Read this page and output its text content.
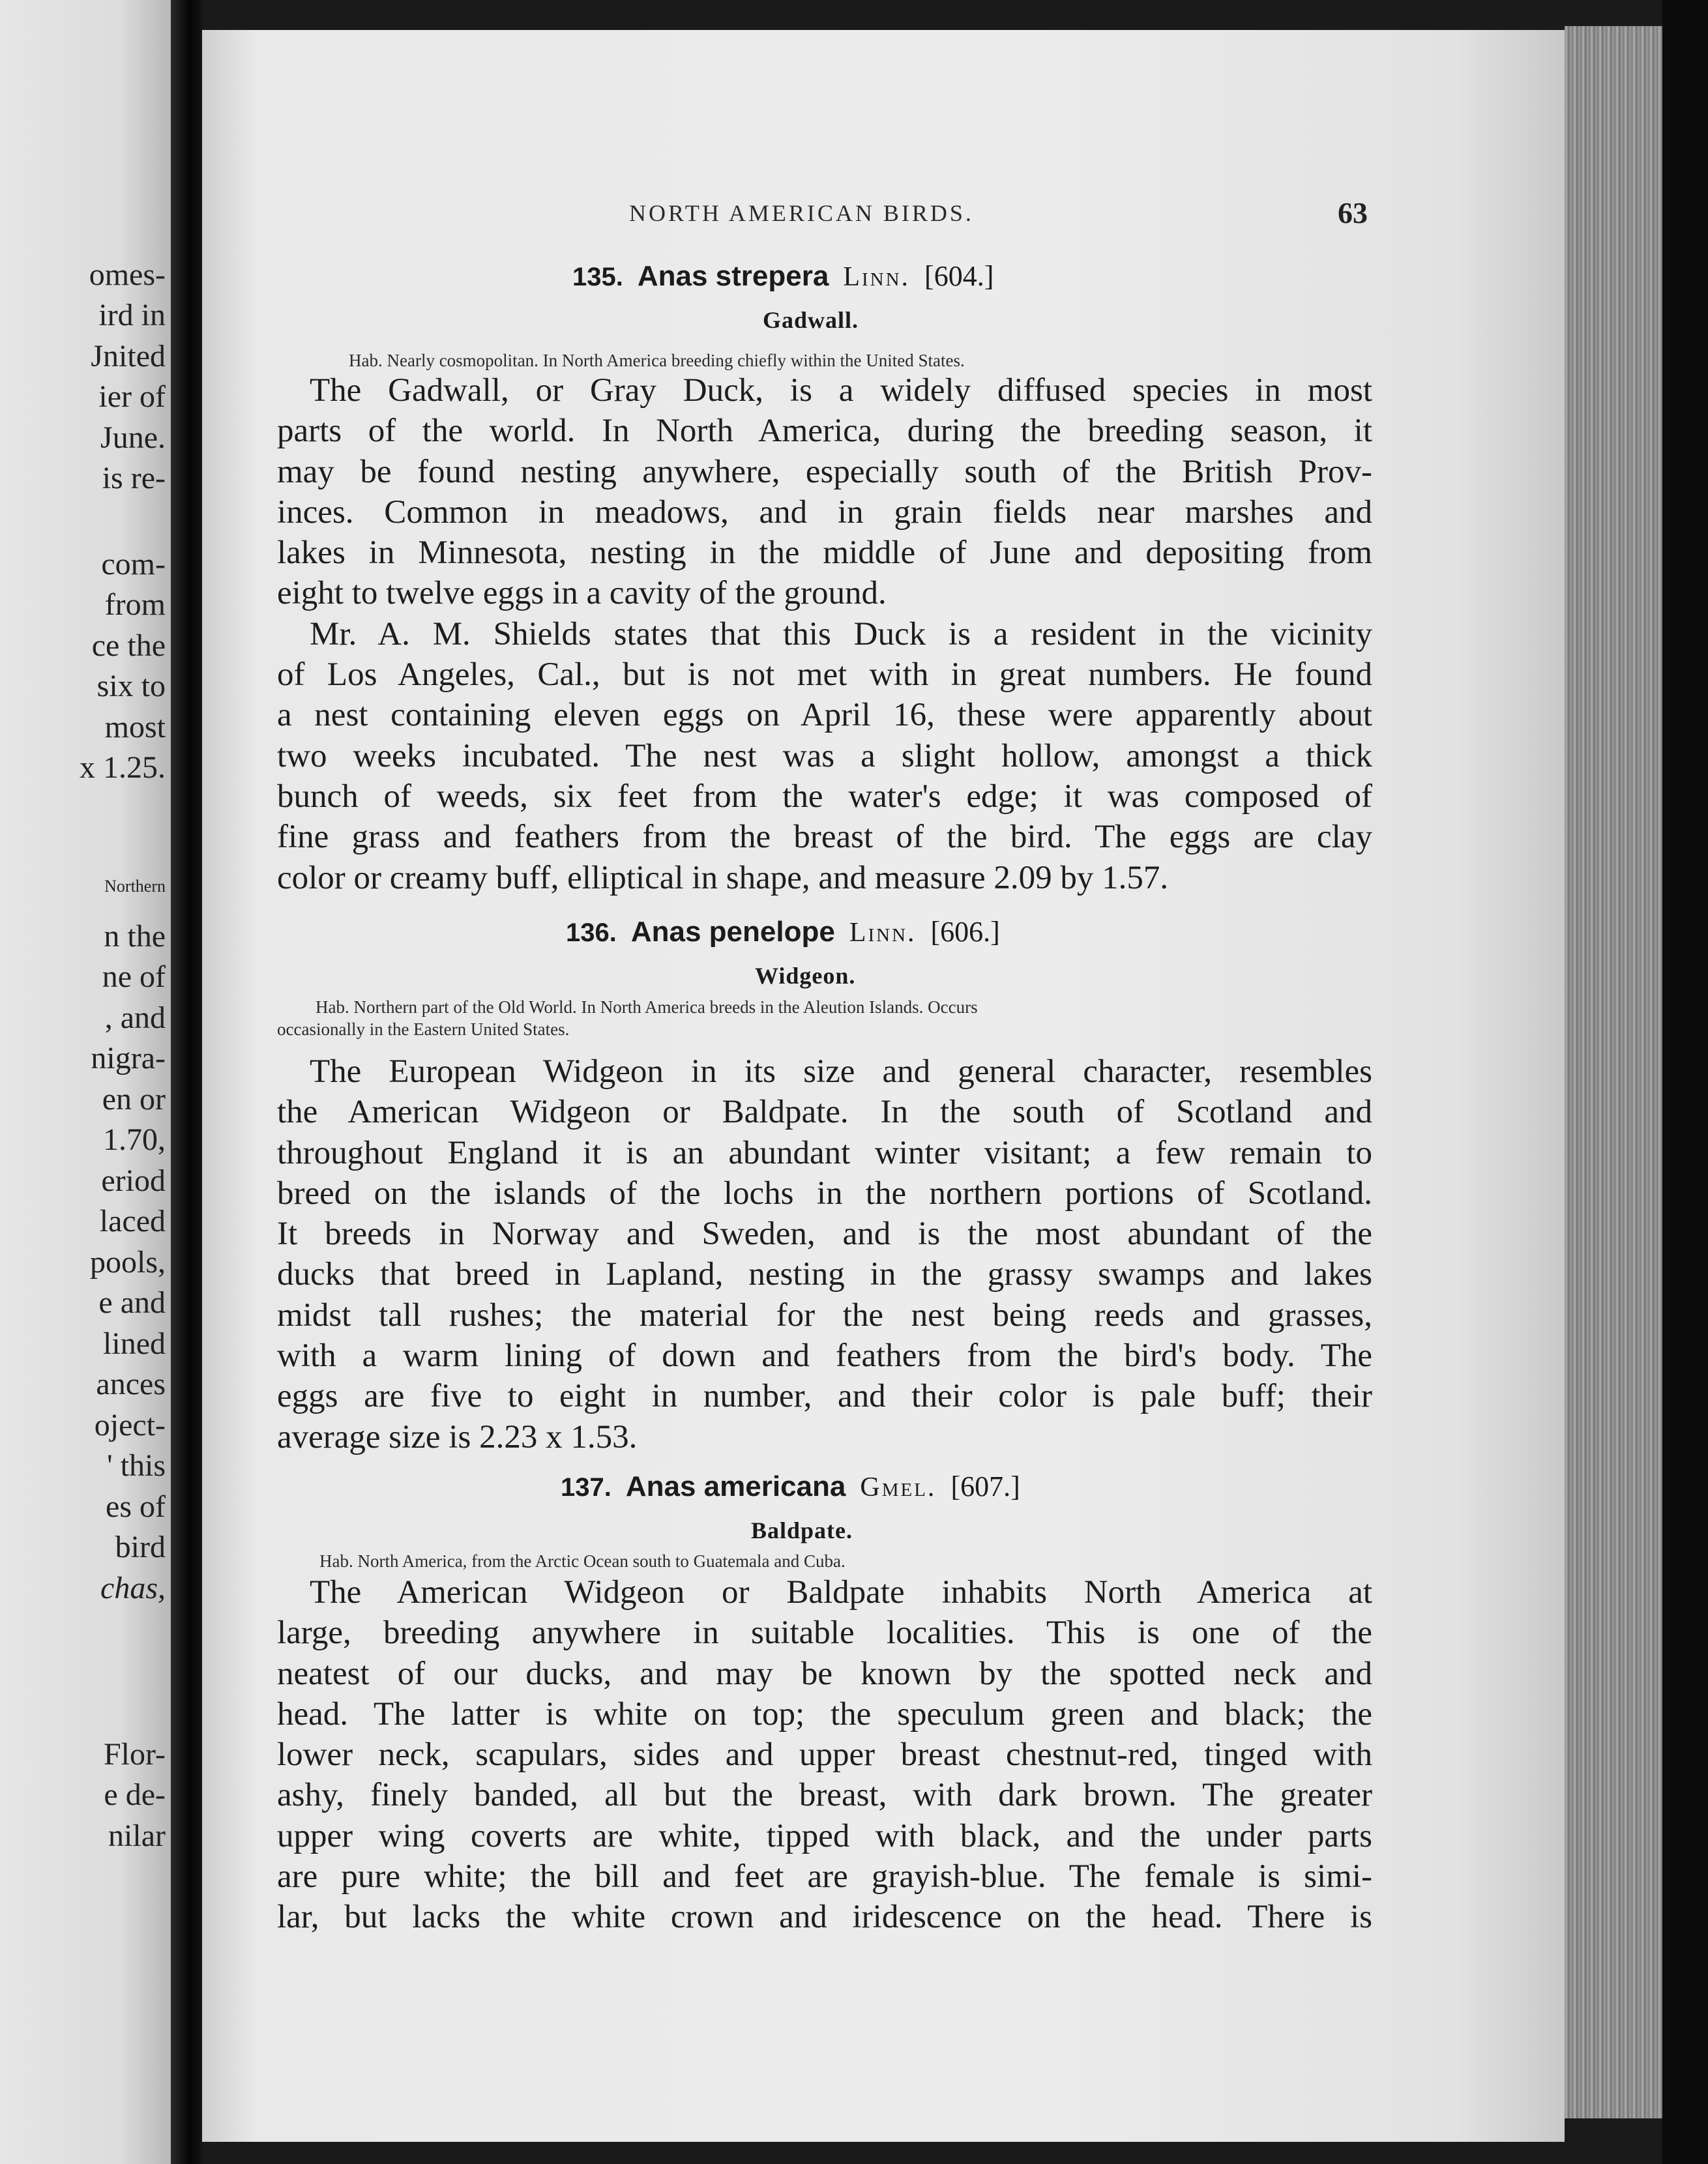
omes-
ird in
Jnited
ier of
June.
is re-
com-
from
ce the
six to
most
x 1.25.
Northern
n the
ne of
, and
nigra-
en or
1.70,
eriod
laced
pools,
e and
lined
ances
oject-
' this
es of
bird
chas,
Flor-
e de-
nilar
NORTH AMERICAN BIRDS.	63
135. Anas strepera Linn. [604.]
Gadwall.
Hab. Nearly cosmopolitan. In North America breeding chiefly within the United States.
The Gadwall, or Gray Duck, is a widely diffused species in most
parts of the world. In North America, during the breeding season, it
may be found nesting anywhere, especially south of the British Prov-
inces. Common in meadows, and in grain fields near marshes and
lakes in Minnesota, nesting in the middle of June and depositing from
eight to twelve eggs in a cavity of the ground.
Mr. A. M. Shields states that this Duck is a resident in the vicinity
of Los Angeles, Cal., but is not met with in great numbers. He found
a nest containing eleven eggs on April 16, these were apparently about
two weeks incubated. The nest was a slight hollow, amongst a thick
bunch of weeds, six feet from the water's edge; it was composed of
fine grass and feathers from the breast of the bird. The eggs are clay
color or creamy buff, elliptical in shape, and measure 2.09 by 1.57.
136. Anas penelope Linn. [606.]
Widgeon.
Hab. Northern part of the Old World. In North America breeds in the Aleution Islands. Occurs
occasionally in the Eastern United States.
The European Widgeon in its size and general character, resembles
the American Widgeon or Baldpate. In the south of Scotland and
throughout England it is an abundant winter visitant; a few remain to
breed on the islands of the lochs in the northern portions of Scotland.
It breeds in Norway and Sweden, and is the most abundant of the
ducks that breed in Lapland, nesting in the grassy swamps and lakes
midst tall rushes; the material for the nest being reeds and grasses,
with a warm lining of down and feathers from the bird's body. The
eggs are five to eight in number, and their color is pale buff; their
average size is 2.23 x 1.53.
137. Anas americana Gmel. [607.]
Baldpate.
Hab. North America, from the Arctic Ocean south to Guatemala and Cuba.
The American Widgeon or Baldpate inhabits North America at
large, breeding anywhere in suitable localities. This is one of the
neatest of our ducks, and may be known by the spotted neck and
head. The latter is white on top; the speculum green and black; the
lower neck, scapulars, sides and upper breast chestnut-red, tinged with
ashy, finely banded, all but the breast, with dark brown. The greater
upper wing coverts are white, tipped with black, and the under parts
are pure white; the bill and feet are grayish-blue. The female is simi-
lar, but lacks the white crown and iridescence on the head. There is
